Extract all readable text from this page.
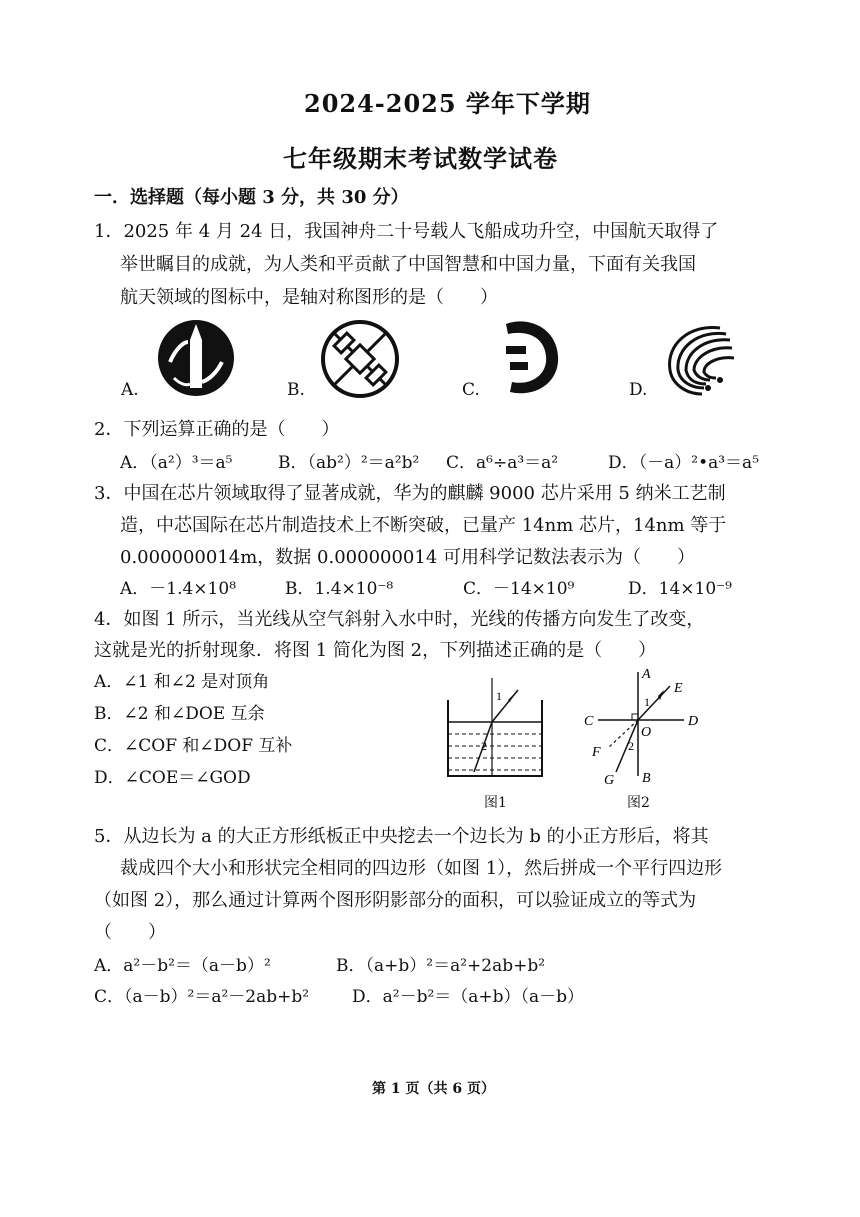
2024-2025 学年下学期
七年级期末考试数学试卷
一．选择题（每小题 3 分，共 30 分）
1．2025 年 4 月 24 日，我国神舟二十号载人飞船成功升空，中国航天取得了
举世瞩目的成就，为人类和平贡献了中国智慧和中国力量，下面有关我国
航天领域的图标中，是轴对称图形的是（　　）
A.	B.	C.	D.
2．下列运算正确的是（　　）
A．（a²）³＝a⁵	B．（ab²）²＝a²b² C．a⁶÷a³＝a²	D．（－a）²•a³＝a⁵
3．中国在芯片领域取得了显著成就，华为的麒麟 9000 芯片采用 5 纳米工艺制
造，中芯国际在芯片制造技术上不断突破，已量产 14nm 芯片，14nm 等于
0.000000014m，数据 0.000000014 可用科学记数法表示为（　　）
A．－1.4×10⁸	B．1.4×10⁻⁸	C．－14×10⁹	D．14×10⁻⁹
4．如图 1 所示，当光线从空气斜射入水中时，光线的传播方向发生了改变，
这就是光的折射现象．将图 1 简化为图 2，下列描述正确的是（　　）
A．∠1 和∠2 是对顶角
B．∠2 和∠DOE 互余
C．∠COF 和∠DOF 互补
D．∠COE＝∠GOD
1
2
图1
A
B
C	D
E
F
G
O
1
2
图2
5．从边长为 a 的大正方形纸板正中央挖去一个边长为 b 的小正方形后，将其
裁成四个大小和形状完全相同的四边形（如图 1），然后拼成一个平行四边形
（如图 2），那么通过计算两个图形阴影部分的面积，可以验证成立的等式为
（　　）
A．a²－b²＝（a－b）²	B．（a+b）²＝a²+2ab+b²
C．（a－b）²＝a²－2ab+b²	D．a²－b²＝（a+b）（a－b）
第 1 页（共 6 页）
